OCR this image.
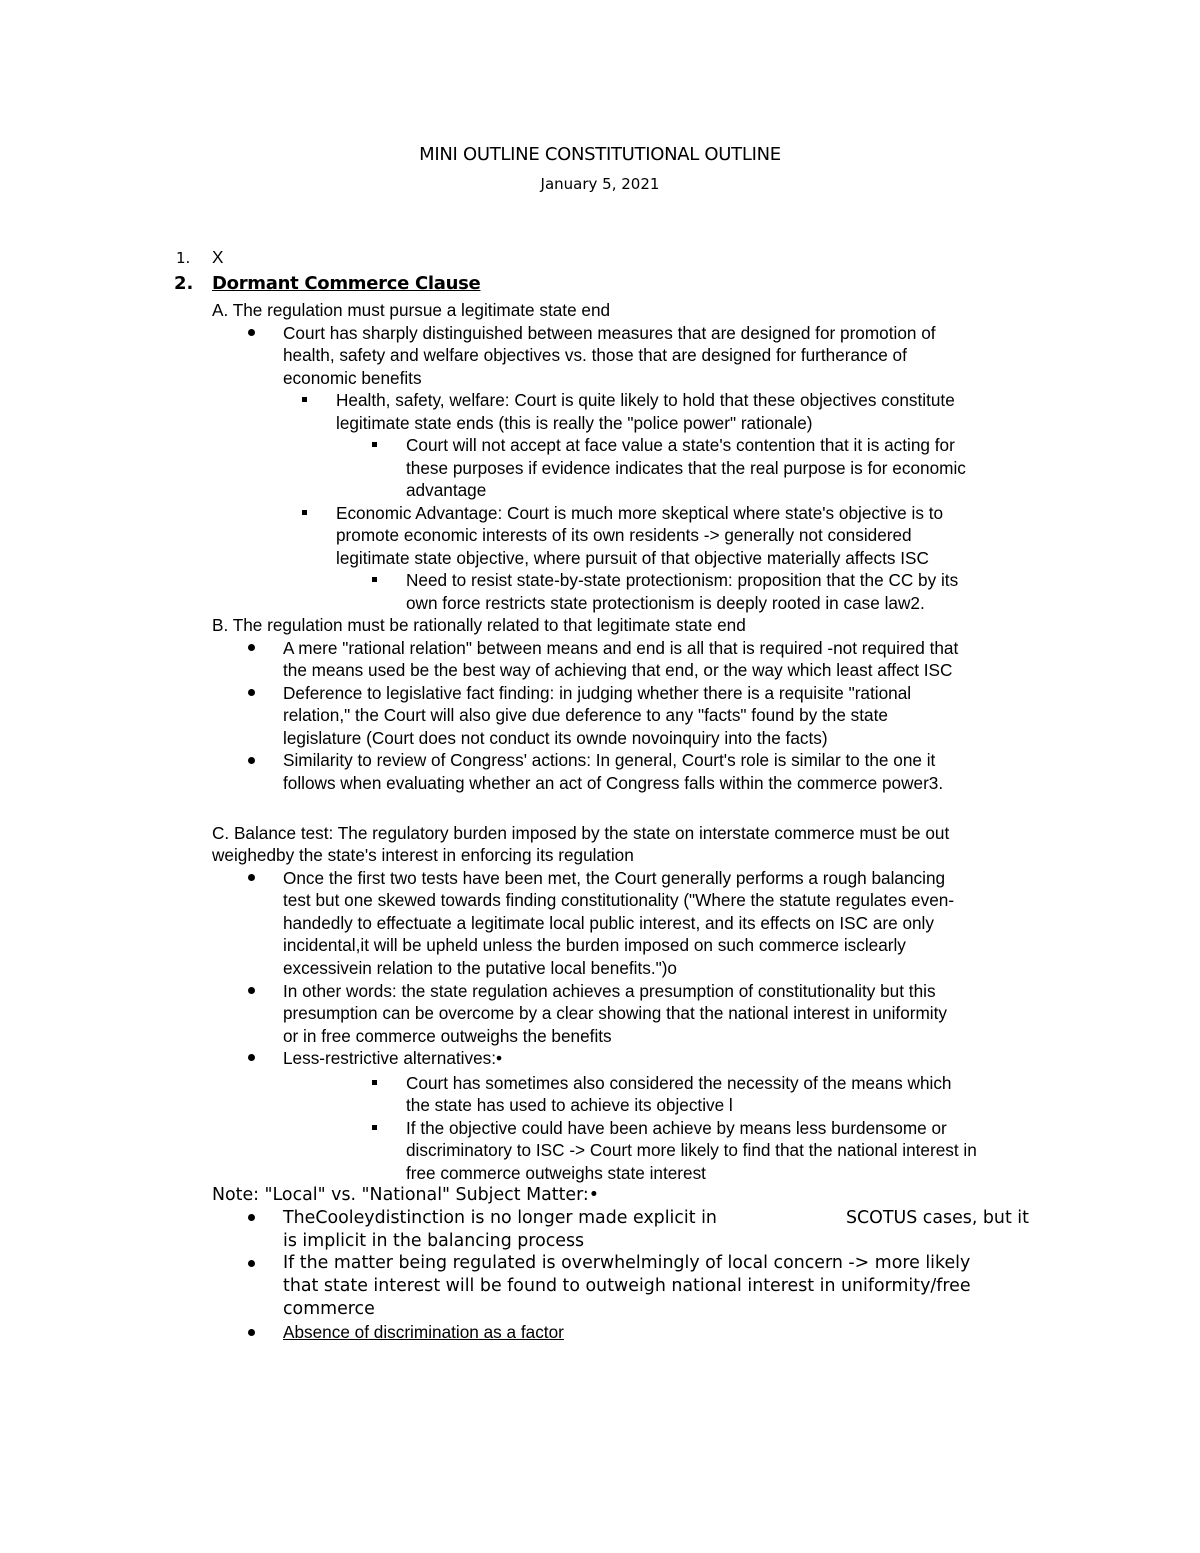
MINI OUTLINE CONSTITUTIONAL OUTLINE
January 5, 2021
1. X
2. Dormant Commerce Clause
A. The regulation must pursue a legitimate state end
Court has sharply distinguished between measures that are designed for promotion of
health, safety and welfare objectives vs. those that are designed for furtherance of
economic benefits
Health, safety, welfare: Court is quite likely to hold that these objectives constitute
legitimate state ends (this is really the "police power" rationale)
Court will not accept at face value a state's contention that it is acting for
these purposes if evidence indicates that the real purpose is for economic
advantage
Economic Advantage: Court is much more skeptical where state's objective is to
promote economic interests of its own residents -> generally not considered
legitimate state objective, where pursuit of that objective materially affects ISC
Need to resist state-by-state protectionism: proposition that the CC by its
own force restricts state protectionism is deeply rooted in case law2.
B. The regulation must be rationally related to that legitimate state end
A mere "rational relation" between means and end is all that is required -not required that
the means used be the best way of achieving that end, or the way which least affect ISC
Deference to legislative fact finding: in judging whether there is a requisite "rational
relation," the Court will also give due deference to any "facts" found by the state
legislature (Court does not conduct its ownde novoinquiry into the facts)
Similarity to review of Congress' actions: In general, Court's role is similar to the one it
follows when evaluating whether an act of Congress falls within the commerce power3.
C. Balance test: The regulatory burden imposed by the state on interstate commerce must be out
weighedby the state's interest in enforcing its regulation
Once the first two tests have been met, the Court generally performs a rough balancing
test but one skewed towards finding constitutionality ("Where the statute regulates even-
handedly to effectuate a legitimate local public interest, and its effects on ISC are only
incidental,it will be upheld unless the burden imposed on such commerce isclearly
excessivein relation to the putative local benefits.")o
In other words: the state regulation achieves a presumption of constitutionality but this
presumption can be overcome by a clear showing that the national interest in uniformity
or in free commerce outweighs the benefits
Less-restrictive alternatives:•
Court has sometimes also considered the necessity of the means which
the state has used to achieve its objective l
If the objective could have been achieve by means less burdensome or
discriminatory to ISC -> Court more likely to find that the national interest in
free commerce outweighs state interest
Note: "Local" vs. "National" Subject Matter:•
TheCooleydistinction is no longer made explicit in	SCOTUS cases, but it
is implicit in the balancing process
If the matter being regulated is overwhelmingly of local concern -> more likely
that state interest will be found to outweigh national interest in uniformity/free
commerce
Absence of discrimination as a factor
